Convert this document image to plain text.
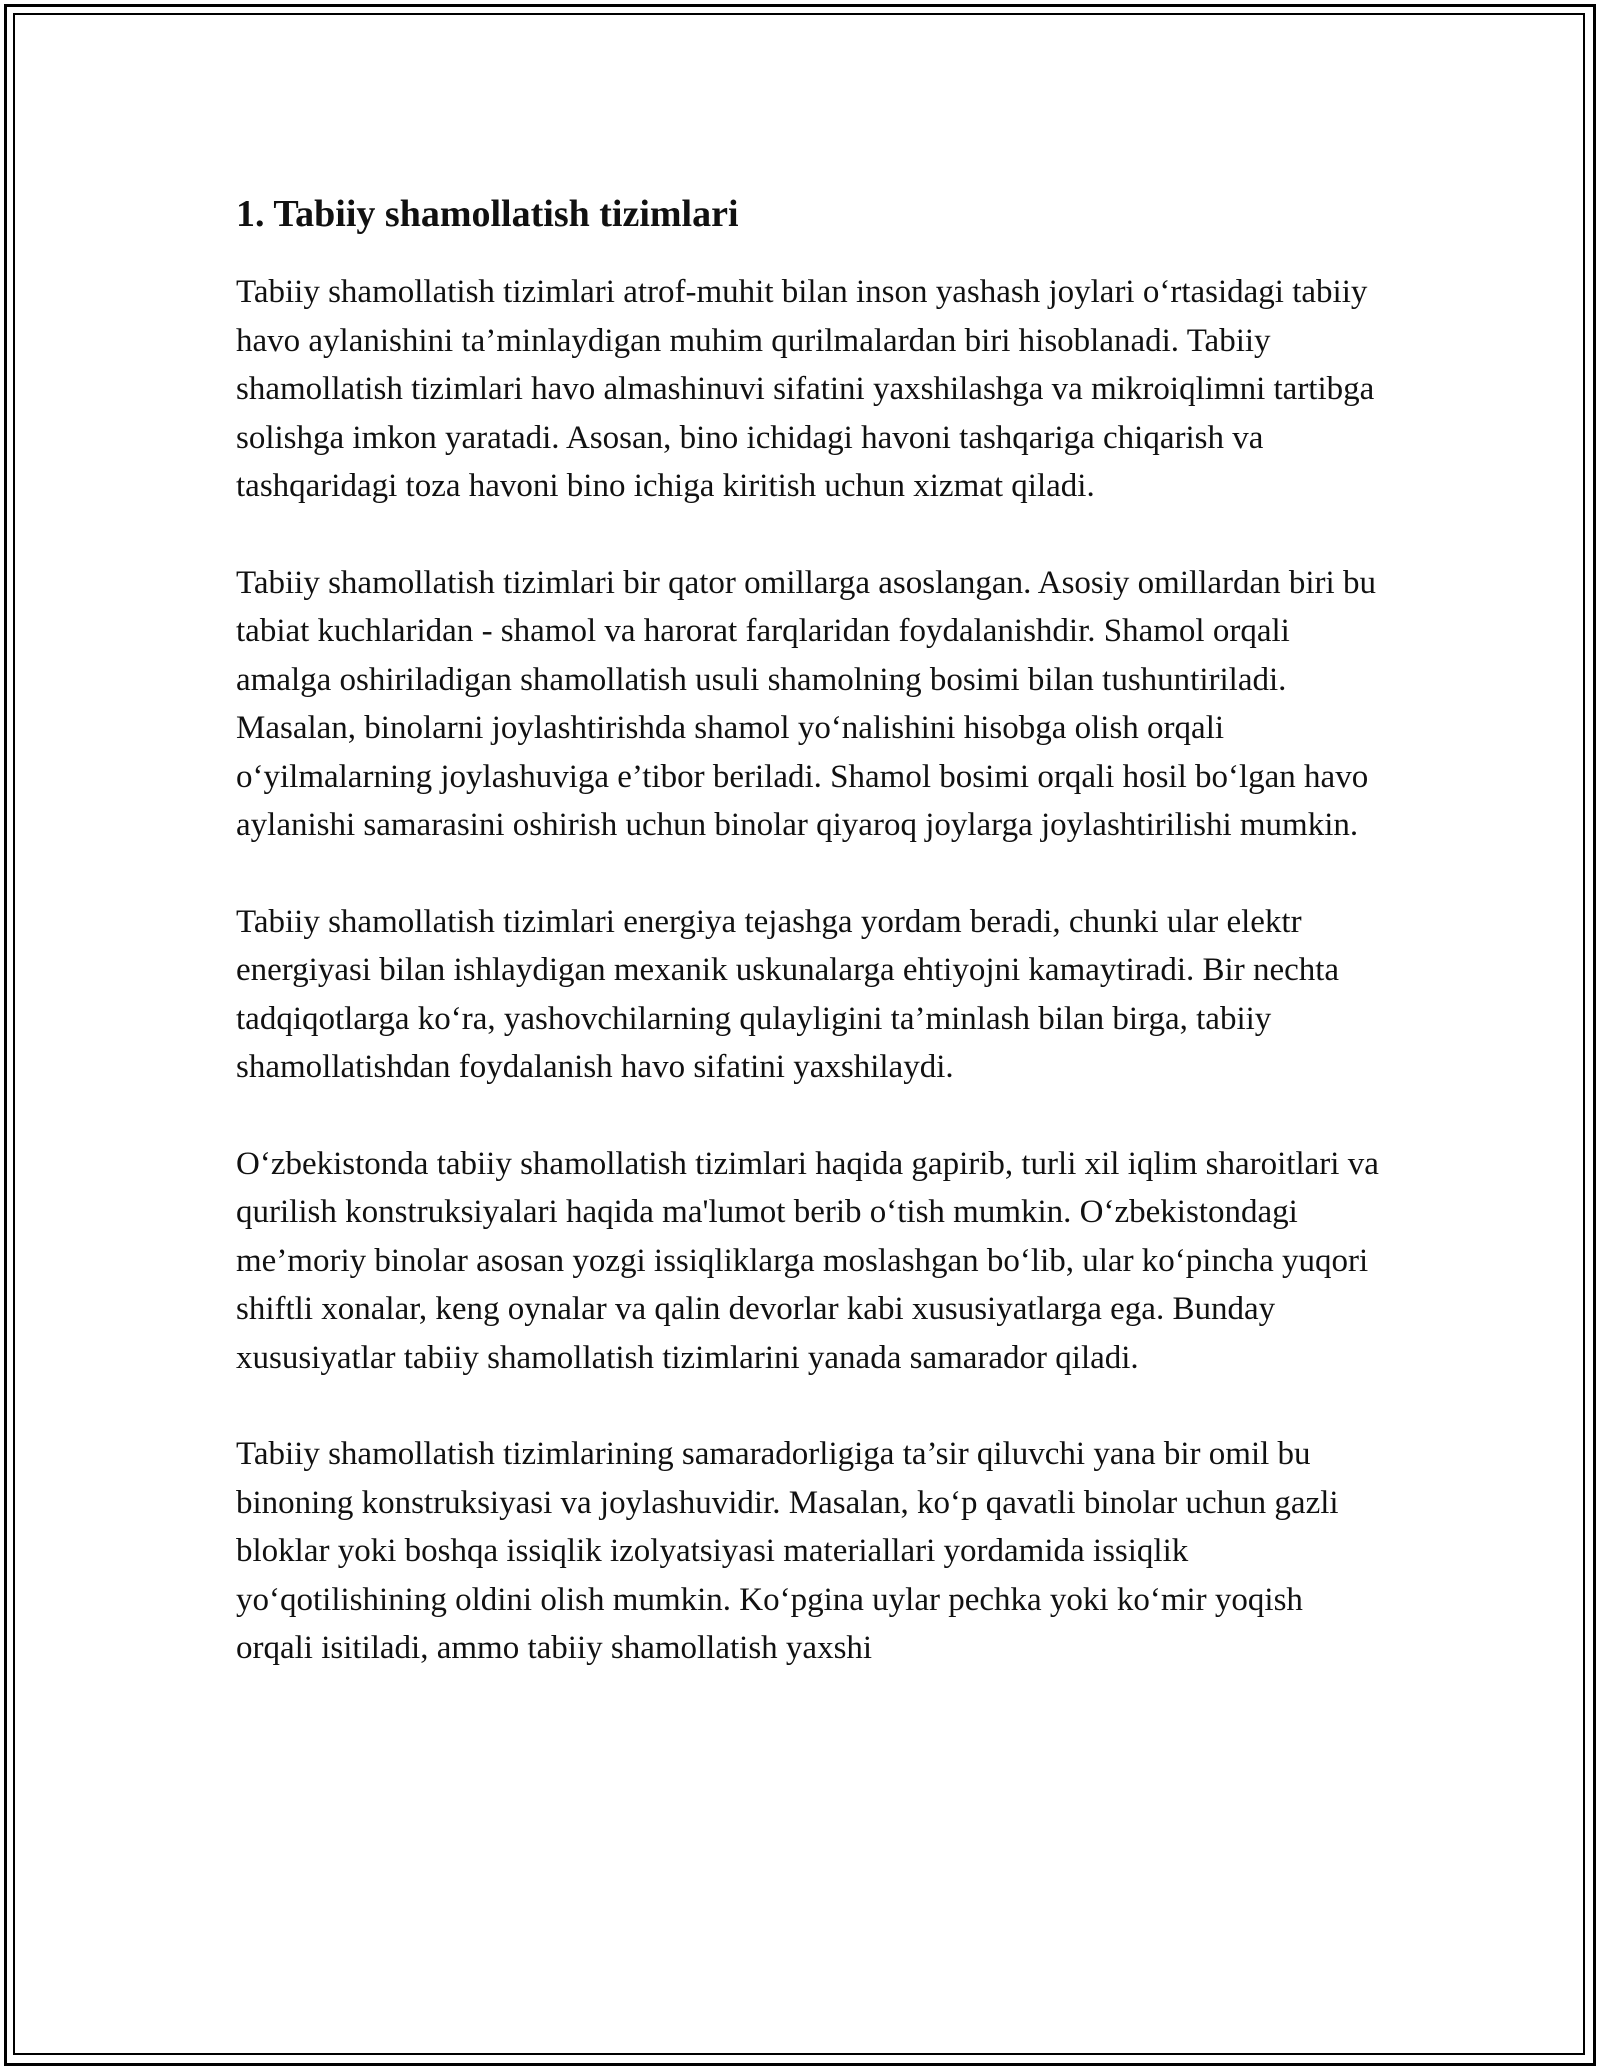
1. Tabiiy shamollatish tizimlari

Tabiiy shamollatish tizimlari atrof-muhit bilan inson yashash joylari o‘rtasidagi tabiiy havo aylanishini ta’minlaydigan muhim qurilmalardan biri hisoblanadi. Tabiiy shamollatish tizimlari havo almashinuvi sifatini yaxshilashga va mikroiqlimni tartibga solishga imkon yaratadi. Asosan, bino ichidagi havoni tashqariga chiqarish va tashqaridagi toza havoni bino ichiga kiritish uchun xizmat qiladi.

Tabiiy shamollatish tizimlari bir qator omillarga asoslangan. Asosiy omillardan biri bu tabiat kuchlaridan - shamol va harorat farqlaridan foydalanishdir. Shamol orqali amalga oshiriladigan shamollatish usuli shamolning bosimi bilan tushuntiriladi. Masalan, binolarni joylashtirishda shamol yo‘nalishini hisobga olish orqali o‘yilmalarning joylashuviga e’tibor beriladi. Shamol bosimi orqali hosil bo‘lgan havo aylanishi samarasini oshirish uchun binolar qiyaroq joylarga joylashtirilishi mumkin.

Tabiiy shamollatish tizimlari energiya tejashga yordam beradi, chunki ular elektr energiyasi bilan ishlaydigan mexanik uskunalarga ehtiyojni kamaytiradi. Bir nechta tadqiqotlarga ko‘ra, yashovchilarning qulayligini ta’minlash bilan birga, tabiiy shamollatishdan foydalanish havo sifatini yaxshilaydi.

O‘zbekistonda tabiiy shamollatish tizimlari haqida gapirib, turli xil iqlim sharoitlari va qurilish konstruksiyalari haqida ma'lumot berib o‘tish mumkin. O‘zbekistondagi me’moriy binolar asosan yozgi issiqliklarga moslashgan bo‘lib, ular ko‘pincha yuqori shiftli xonalar, keng oynalar va qalin devorlar kabi xususiyatlarga ega. Bunday xususiyatlar tabiiy shamollatish tizimlarini yanada samarador qiladi.

Tabiiy shamollatish tizimlarining samaradorligiga ta’sir qiluvchi yana bir omil bu binoning konstruksiyasi va joylashuvidir. Masalan, ko‘p qavatli binolar uchun gazli bloklar yoki boshqa issiqlik izolyatsiyasi materiallari yordamida issiqlik yo‘qotilishining oldini olish mumkin. Ko‘pgina uylar pechka yoki ko‘mir yoqish orqali isitiladi, ammo tabiiy shamollatish yaxshi
